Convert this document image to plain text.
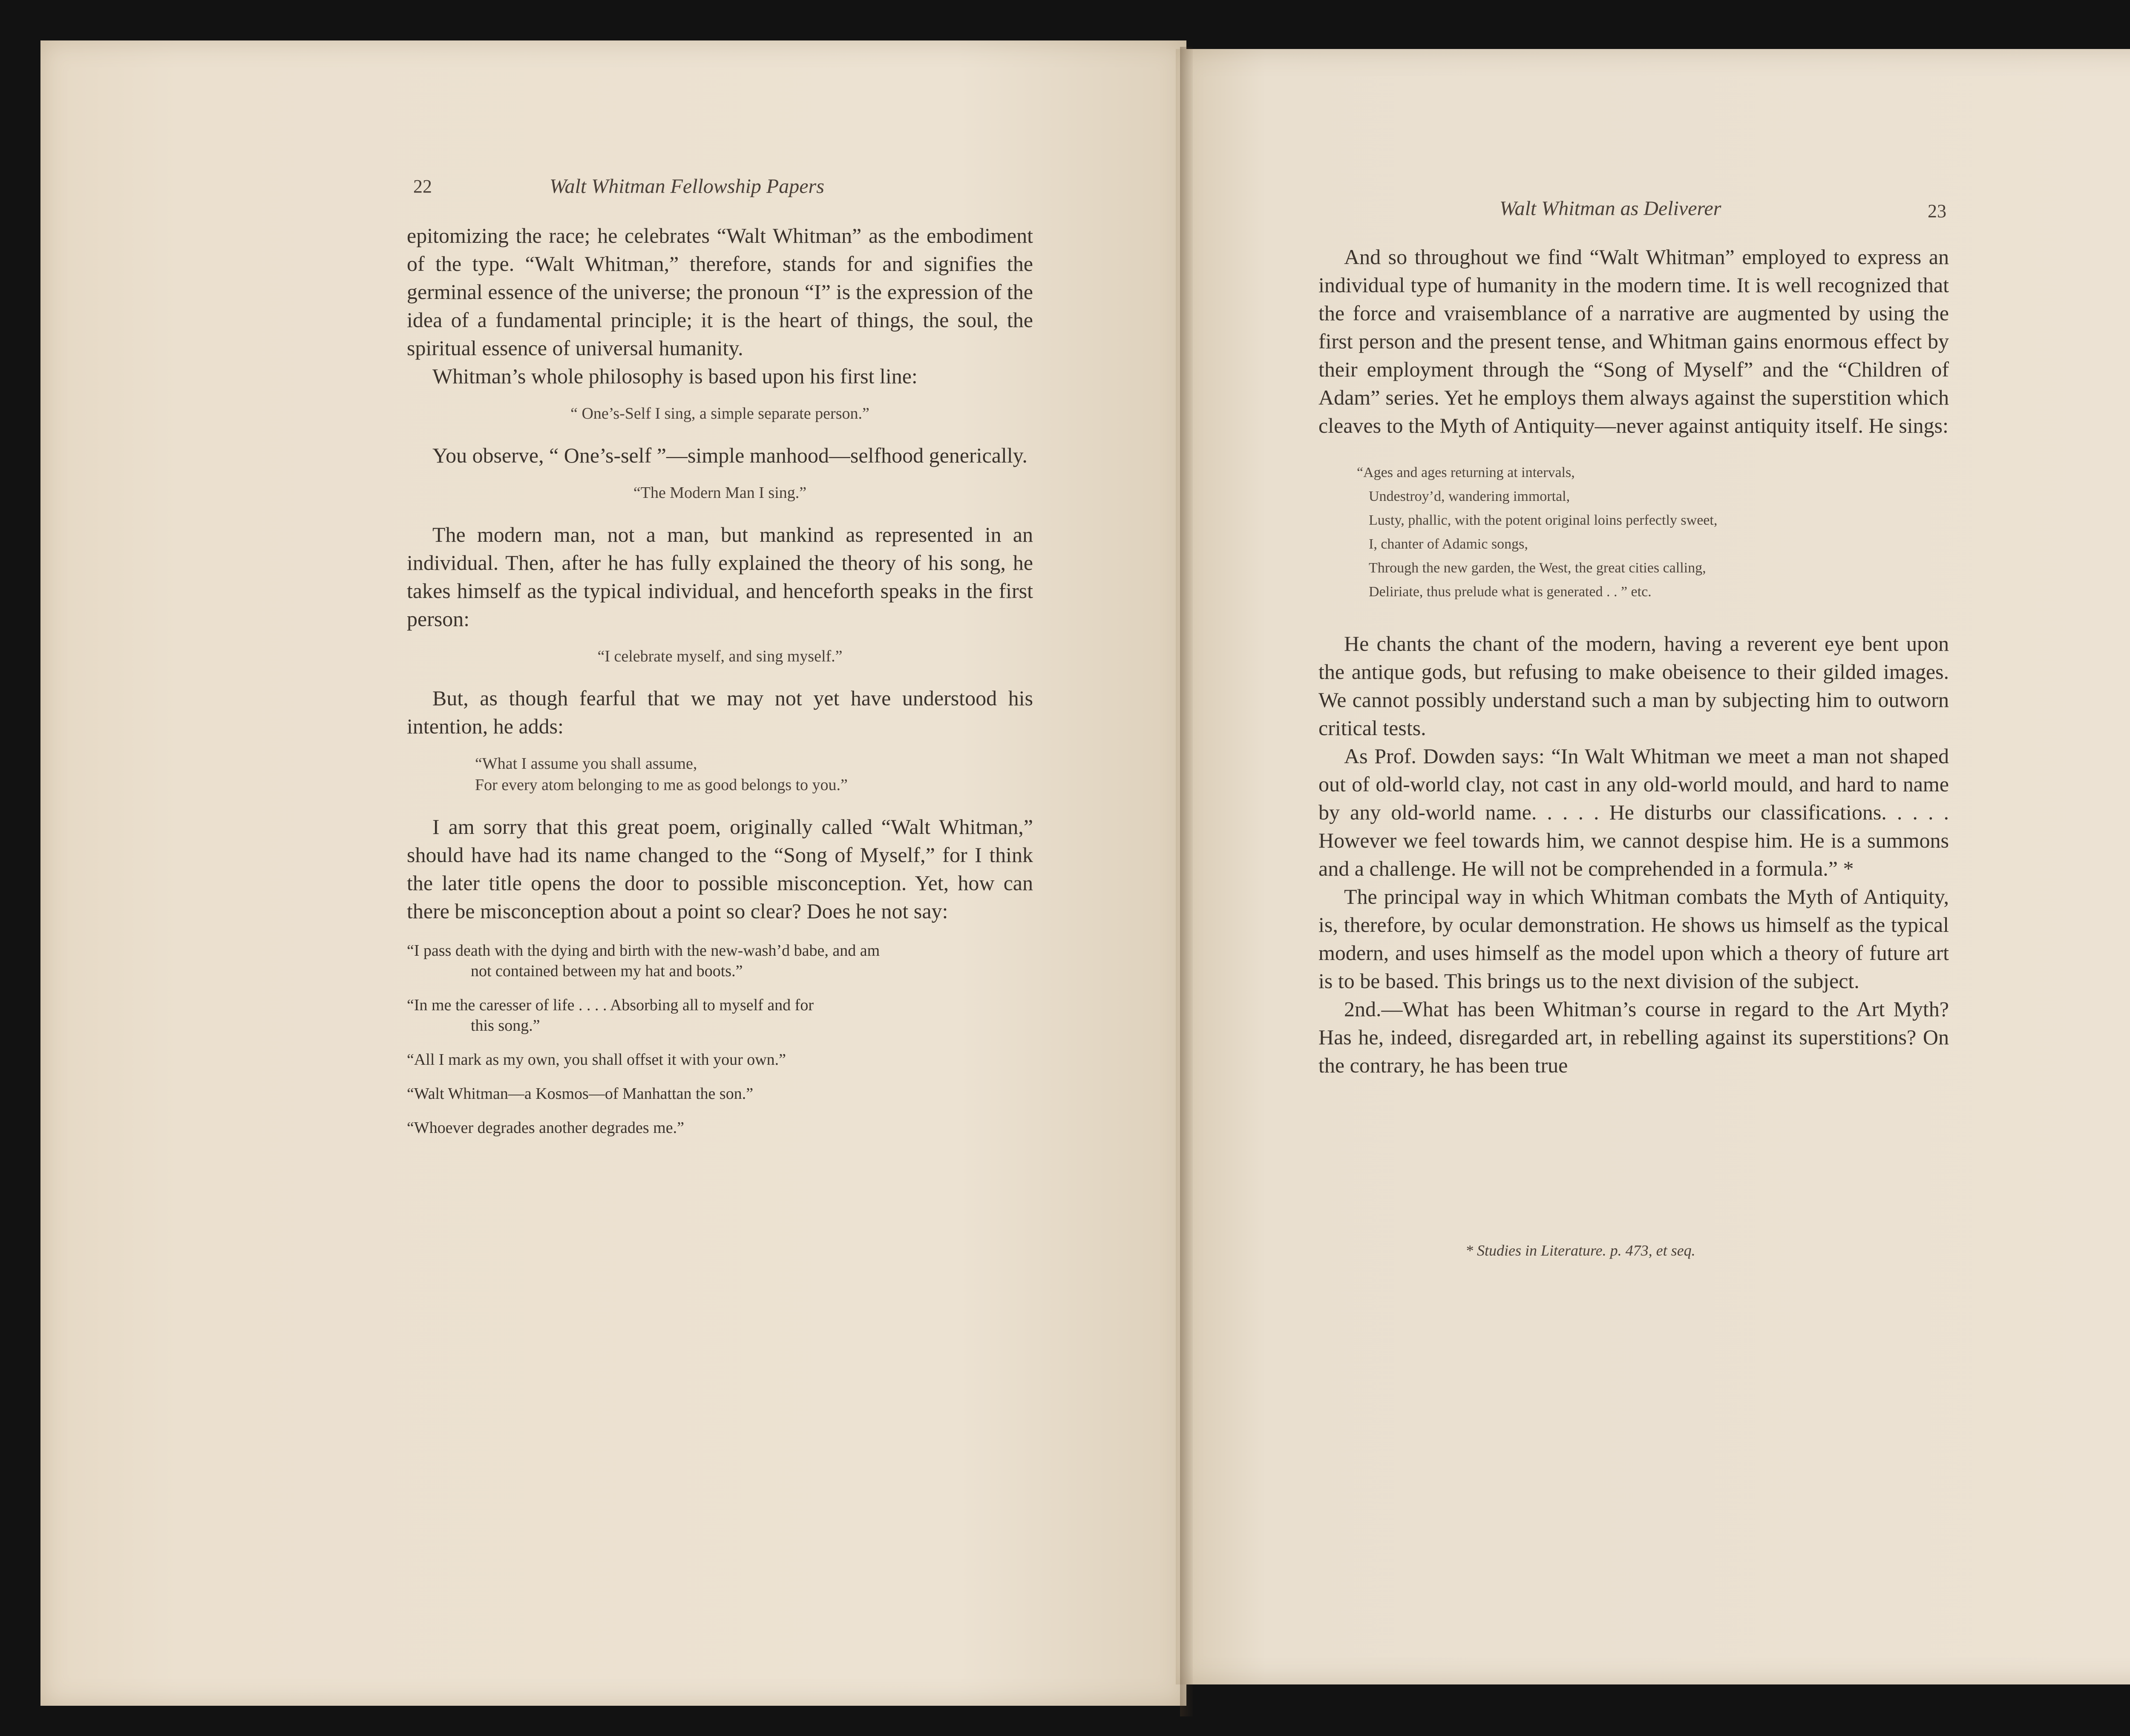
22	Walt Whitman Fellowship Papers

epitomizing the race; he celebrates “Walt Whitman” as the embodiment of the type. “Walt Whitman,” therefore, stands for and signifies the germinal essence of the universe; the pronoun “I” is the expression of the idea of a fundamental principle; it is the heart of things, the soul, the spiritual essence of universal humanity.

Whitman’s whole philosophy is based upon his first line:

“ One’s-Self I sing, a simple separate person.”

You observe, “ One’s-self ”—simple manhood—selfhood generically.

“The Modern Man I sing.”

The modern man, not a man, but mankind as represented in an individual. Then, after he has fully explained the theory of his song, he takes himself as the typical individual, and henceforth speaks in the first person:

“I celebrate myself, and sing myself.”

But, as though fearful that we may not yet have understood his intention, he adds:

“What I assume you shall assume,
For every atom belonging to me as good belongs to you.”

I am sorry that this great poem, originally called “Walt Whitman,” should have had its name changed to the “Song of Myself,” for I think the later title opens the door to possible misconception. Yet, how can there be misconception about a point so clear? Does he not say:

“I pass death with the dying and birth with the new-wash’d babe, and am
not contained between my hat and boots.”
“In me the caresser of life . . . . Absorbing all to myself and for
this song.”
“All I mark as my own, you shall offset it with your own.”
“Walt Whitman—a Kosmos—of Manhattan the son.”
“Whoever degrades another degrades me.”
Walt Whitman as Deliverer	23

And so throughout we find “Walt Whitman” employed to express an individual type of humanity in the modern time. It is well recognized that the force and vraisemblance of a narrative are augmented by using the first person and the present tense, and Whitman gains enormous effect by their employment through the “Song of Myself” and the “Children of Adam” series. Yet he employs them always against the superstition which cleaves to the Myth of Antiquity—never against antiquity itself. He sings:

“Ages and ages returning at intervals,
Undestroy’d, wandering immortal,
Lusty, phallic, with the potent original loins perfectly sweet,
I, chanter of Adamic songs,
Through the new garden, the West, the great cities calling,
Deliriate, thus prelude what is generated . . ” etc.

He chants the chant of the modern, having a reverent eye bent upon the antique gods, but refusing to make obeisence to their gilded images. We cannot possibly understand such a man by subjecting him to outworn critical tests.

As Prof. Dowden says: “In Walt Whitman we meet a man not shaped out of old-world clay, not cast in any old-world mould, and hard to name by any old-world name. . . . . He disturbs our classifications. . . . . However we feel towards him, we cannot despise him. He is a summons and a challenge. He will not be comprehended in a formula.” *

The principal way in which Whitman combats the Myth of Antiquity, is, therefore, by ocular demonstration. He shows us himself as the typical modern, and uses himself as the model upon which a theory of future art is to be based. This brings us to the next division of the subject.

2nd.—What has been Whitman’s course in regard to the Art Myth? Has he, indeed, disregarded art, in rebelling against its superstitions? On the contrary, he has been true

* Studies in Literature. p. 473, et seq.
